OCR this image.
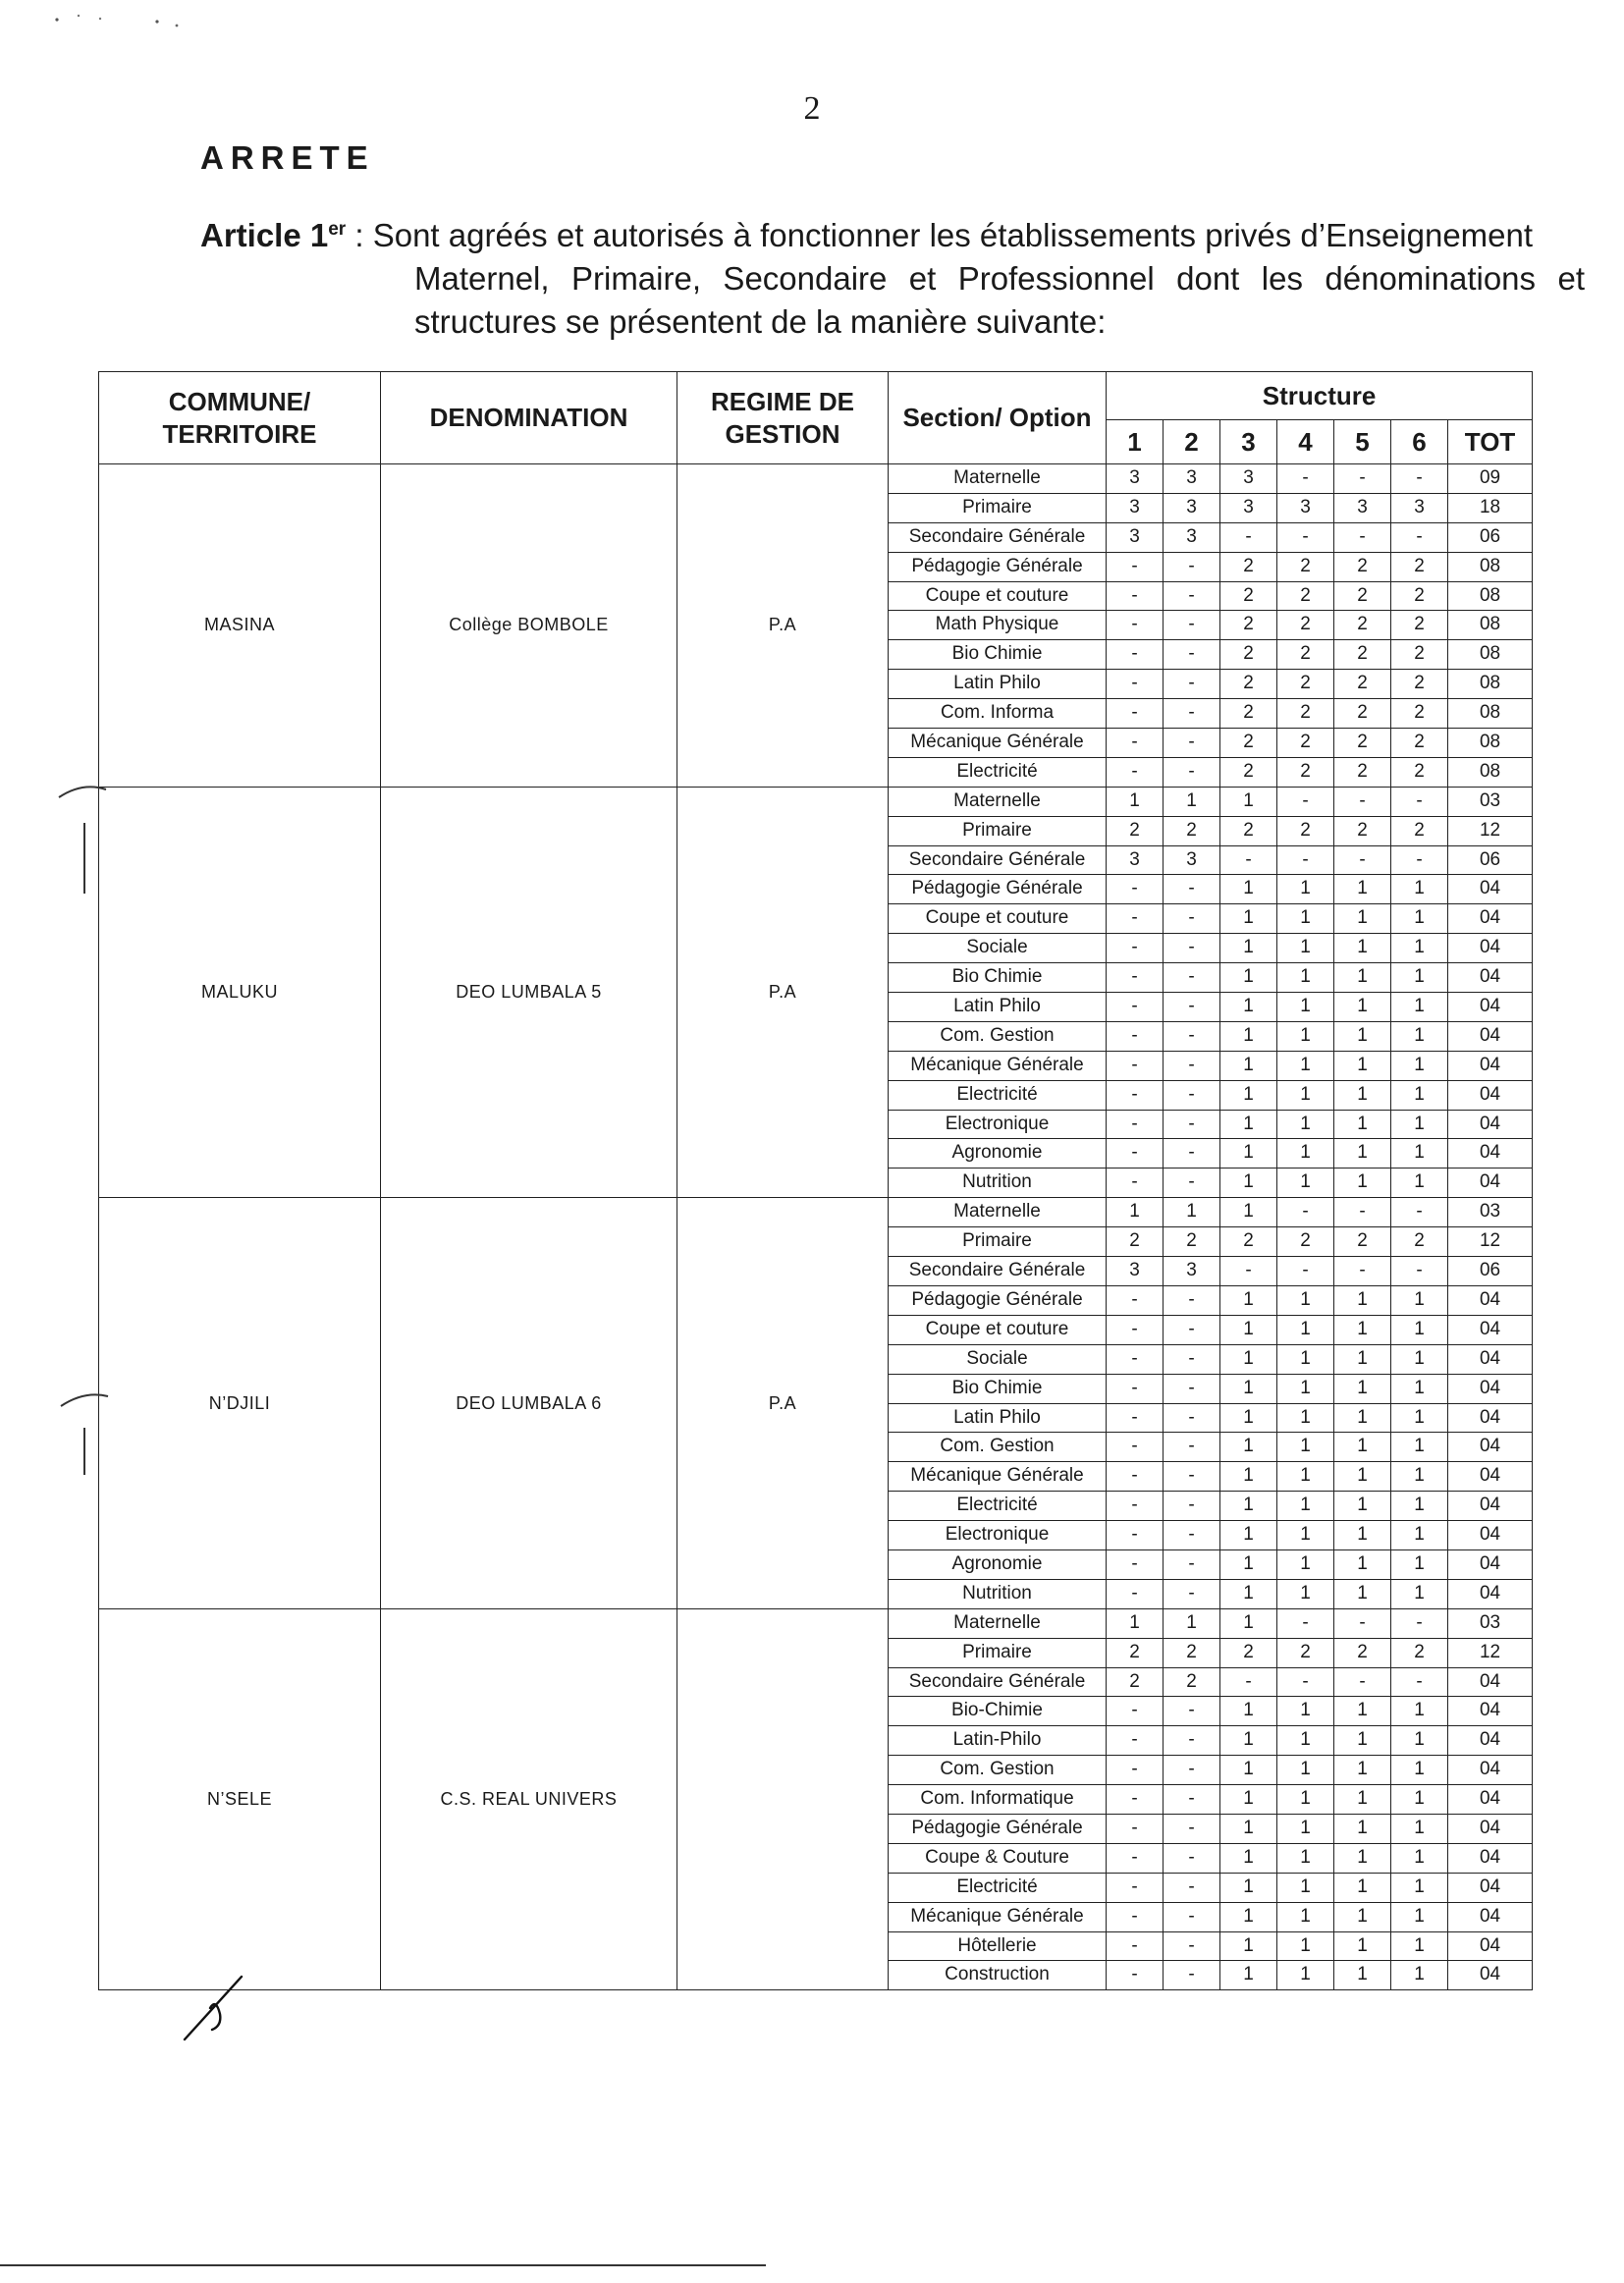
2
ARRETE
Article 1er : Sont agréés et autorisés à fonctionner les établissements privés d’Enseignement
Maternel, Primaire, Secondaire et Professionnel dont les dénominations et structures se présentent de la manière suivante:
COMMUNE/ TERRITOIRE	DENOMINATION	REGIME DE GESTION	Section/ Option	Structure						
				1	2	3	4	5	6	TOT
MASINA	Collège BOMBOLE	P.A	Maternelle	3	3	3	-	-	-	09
			Primaire	3	3	3	3	3	3	18
			Secondaire Générale	3	3	-	-	-	-	06
			Pédagogie Générale	-	-	2	2	2	2	08
			Coupe et couture	-	-	2	2	2	2	08
			Math Physique	-	-	2	2	2	2	08
			Bio Chimie	-	-	2	2	2	2	08
			Latin Philo	-	-	2	2	2	2	08
			Com. Informa	-	-	2	2	2	2	08
			Mécanique Générale	-	-	2	2	2	2	08
			Electricité	-	-	2	2	2	2	08
MALUKU	DEO LUMBALA 5	P.A	Maternelle	1	1	1	-	-	-	03
			Primaire	2	2	2	2	2	2	12
			Secondaire Générale	3	3	-	-	-	-	06
			Pédagogie Générale	-	-	1	1	1	1	04
			Coupe et couture	-	-	1	1	1	1	04
			Sociale	-	-	1	1	1	1	04
			Bio Chimie	-	-	1	1	1	1	04
			Latin Philo	-	-	1	1	1	1	04
			Com. Gestion	-	-	1	1	1	1	04
			Mécanique Générale	-	-	1	1	1	1	04
			Electricité	-	-	1	1	1	1	04
			Electronique	-	-	1	1	1	1	04
			Agronomie	-	-	1	1	1	1	04
			Nutrition	-	-	1	1	1	1	04
N’DJILI	DEO LUMBALA 6	P.A	Maternelle	1	1	1	-	-	-	03
			Primaire	2	2	2	2	2	2	12
			Secondaire Générale	3	3	-	-	-	-	06
			Pédagogie Générale	-	-	1	1	1	1	04
			Coupe et couture	-	-	1	1	1	1	04
			Sociale	-	-	1	1	1	1	04
			Bio Chimie	-	-	1	1	1	1	04
			Latin Philo	-	-	1	1	1	1	04
			Com. Gestion	-	-	1	1	1	1	04
			Mécanique Générale	-	-	1	1	1	1	04
			Electricité	-	-	1	1	1	1	04
			Electronique	-	-	1	1	1	1	04
			Agronomie	-	-	1	1	1	1	04
			Nutrition	-	-	1	1	1	1	04
N’SELE	C.S. REAL UNIVERS		Maternelle	1	1	1	-	-	-	03
			Primaire	2	2	2	2	2	2	12
			Secondaire Générale	2	2	-	-	-	-	04
			Bio-Chimie	-	-	1	1	1	1	04
			Latin-Philo	-	-	1	1	1	1	04
			Com. Gestion	-	-	1	1	1	1	04
			Com. Informatique	-	-	1	1	1	1	04
			Pédagogie Générale	-	-	1	1	1	1	04
			Coupe & Couture	-	-	1	1	1	1	04
			Electricité	-	-	1	1	1	1	04
			Mécanique Générale	-	-	1	1	1	1	04
			Hôtellerie	-	-	1	1	1	1	04
			Construction	-	-	1	1	1	1	04
